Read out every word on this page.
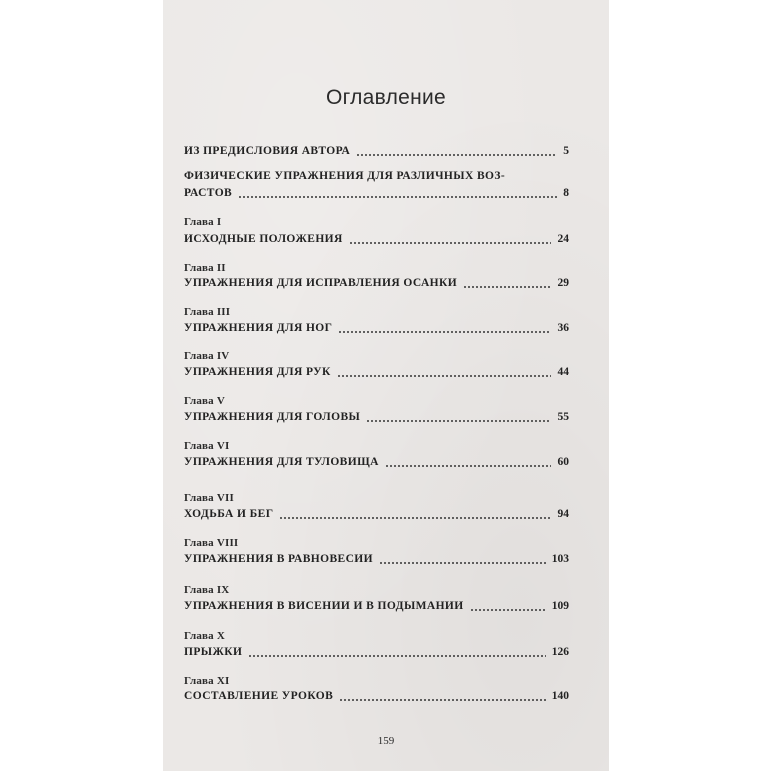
Оглавление
ИЗ ПРЕДИСЛОВИЯ АВТОРА	5
ФИЗИЧЕСКИЕ УПРАЖНЕНИЯ ДЛЯ РАЗЛИЧНЫХ ВОЗ-
РАСТОВ	8
Глава I
ИСХОДНЫЕ ПОЛОЖЕНИЯ	24
Глава II
УПРАЖНЕНИЯ ДЛЯ ИСПРАВЛЕНИЯ ОСАНКИ	29
Глава III
УПРАЖНЕНИЯ ДЛЯ НОГ	36
Глава IV
УПРАЖНЕНИЯ ДЛЯ РУК	44
Глава V
УПРАЖНЕНИЯ ДЛЯ ГОЛОВЫ	55
Глава VI
УПРАЖНЕНИЯ ДЛЯ ТУЛОВИЩА	60
Глава VII
ХОДЬБА И БЕГ	94
Глава VIII
УПРАЖНЕНИЯ В РАВНОВЕСИИ	103
Глава IX
УПРАЖНЕНИЯ В ВИСЕНИИ И В ПОДЫМАНИИ	109
Глава X
ПРЫЖКИ	126
Глава XI
СОСТАВЛЕНИЕ УРОКОВ	140
159
